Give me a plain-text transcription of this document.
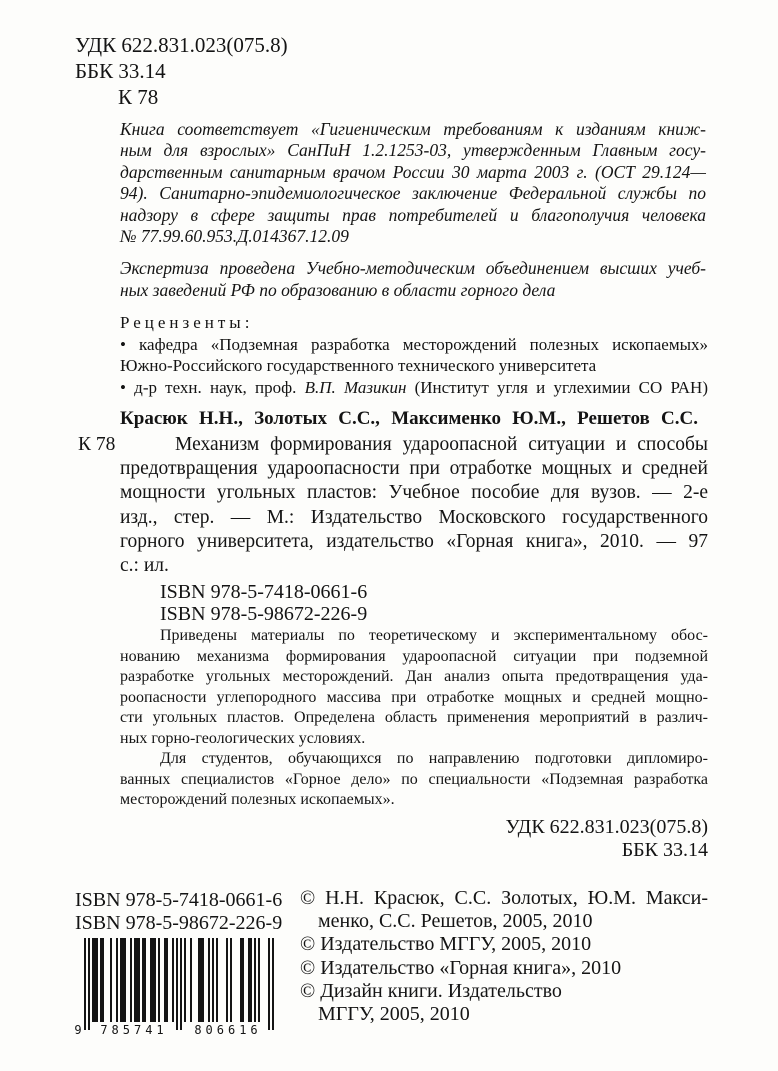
УДК 622.831.023(075.8)
ББК 33.14
К 78
Книга соответствует «Гигиеническим требованиям к изданиям книж-
ным для взрослых» СанПиН 1.2.1253-03, утвержденным Главным госу-
дарственным санитарным врачом России 30 марта 2003 г. (ОСТ 29.124—
94). Санитарно-эпидемиологическое заключение Федеральной службы по
надзору в сфере защиты прав потребителей и благополучия человека
№ 77.99.60.953.Д.014367.12.09
Экспертиза проведена Учебно-методическим объединением высших учеб-
ных заведений РФ по образованию в области горного дела
Рецензенты:
• кафедра «Подземная разработка месторождений полезных ископаемых»
Южно-Российского государственного технического университета
• д-р техн. наук, проф. В.П. Мазикин (Институт угля и углехимии СО РАН)
Красюк Н.Н., Золотых С.С., Максименко Ю.М., Решетов С.С.
К 78	Механизм формирования удароопасной ситуации и способы
предотвращения удароопасности при отработке мощных и средней
мощности угольных пластов: Учебное пособие для вузов. — 2-е
изд., стер. — М.: Издательство Московского государственного
горного университета, издательство «Горная книга», 2010. — 97
с.: ил.
ISBN 978-5-7418-0661-6
ISBN 978-5-98672-226-9
Приведены материалы по теоретическому и экспериментальному обос-
нованию механизма формирования удароопасной ситуации при подземной
разработке угольных месторождений. Дан анализ опыта предотвращения уда-
роопасности углепородного массива при отработке мощных и средней мощно-
сти угольных пластов. Определена область применения мероприятий в различ-
ных горно-геологических условиях.
Для студентов, обучающихся по направлению подготовки дипломиро-
ванных специалистов «Горное дело» по специальности «Подземная разработка
месторождений полезных ископаемых».
УДК 622.831.023(075.8)
ББК 33.14
ISBN 978-5-7418-0661-6
ISBN 978-5-98672-226-9
9 785741 806616
© Н.Н. Красюк, С.С. Золотых, Ю.М. Макси-
менко, С.С. Решетов, 2005, 2010
© Издательство МГГУ, 2005, 2010
© Издательство «Горная книга», 2010
© Дизайн книги. Издательство
МГГУ, 2005, 2010
